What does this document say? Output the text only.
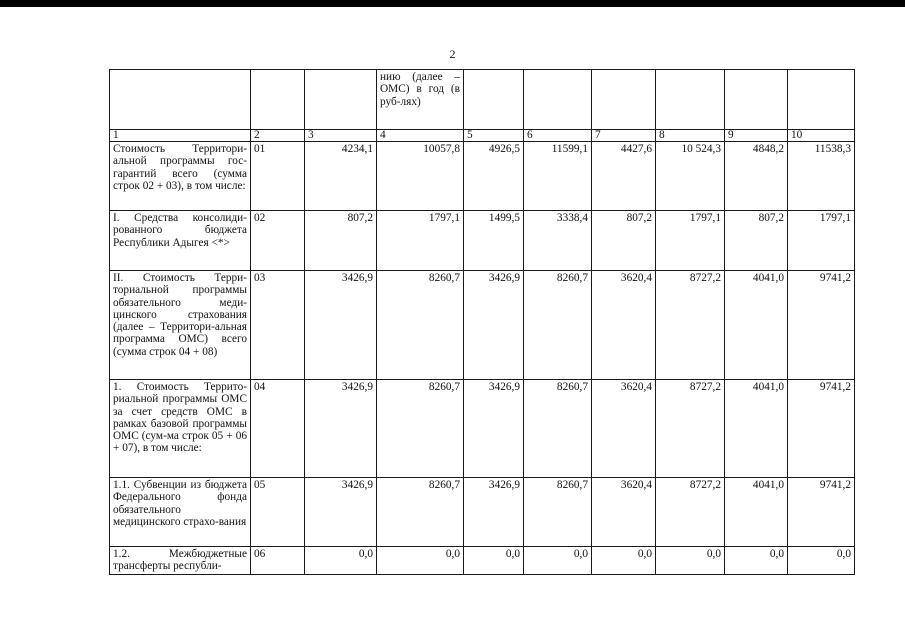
2
			нию (далее – ОМС) в год (в руб-лях)						
1	2	3	4	5	6	7	8	9	10
Стоимость Территори-альной программы гос-гарантий всего (сумма строк 02 + 03), в том числе:	01	4234,1	10057,8	4926,5	11599,1	4427,6	10 524,3	4848,2	11538,3
I. Средства консолиди-рованного бюджета Республики Адыгея <*>	02	807,2	1797,1	1499,5	3338,4	807,2	1797,1	807,2	1797,1
II. Стоимость Терри-ториальной программы обязательного меди-цинского страхования (далее – Территори-альная программа ОМС) всего (сумма строк 04 + 08)	03	3426,9	8260,7	3426,9	8260,7	3620,4	8727,2	4041,0	9741,2
1. Стоимость Террито-риальной программы ОМС за счет средств ОМС в рамках базовой программы ОМС (сум-ма строк 05 + 06 + 07), в том числе:	04	3426,9	8260,7	3426,9	8260,7	3620,4	8727,2	4041,0	9741,2
1.1. Субвенции из бюджета Федерального фонда обязательного медицинского страхо-вания	05	3426,9	8260,7	3426,9	8260,7	3620,4	8727,2	4041,0	9741,2
1.2. Межбюджетные трансферты республи-	06	0,0	0,0	0,0	0,0	0,0	0,0	0,0	0,0
